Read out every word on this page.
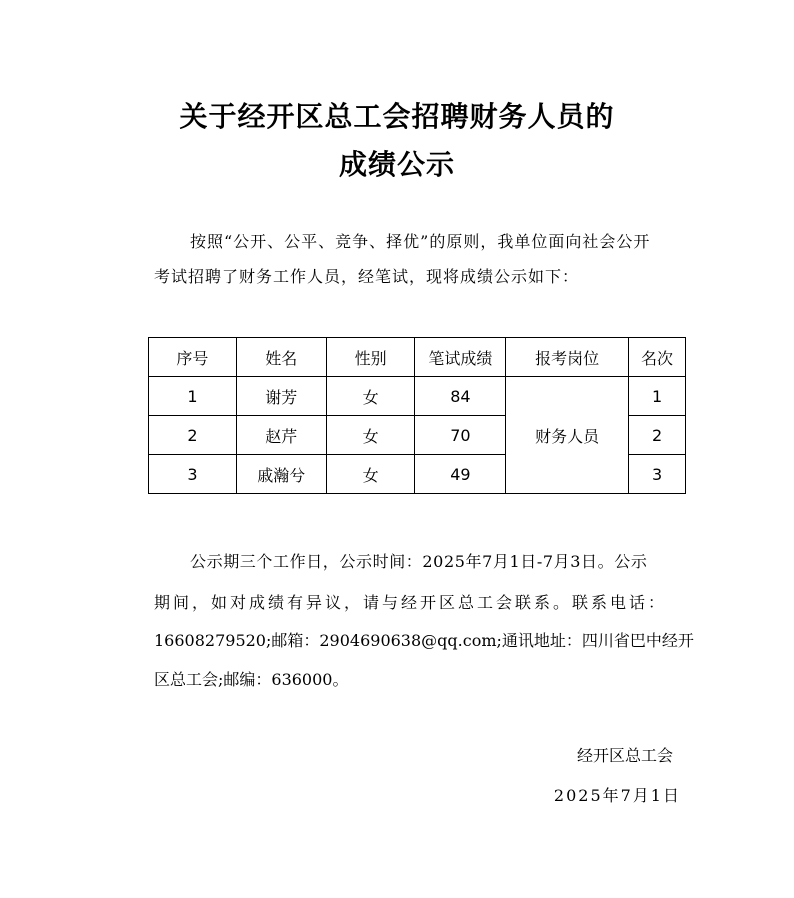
关于经开区总工会招聘财务人员的
成绩公示
按照“公开、公平、竞争、择优”的原则，我单位面向社会公开
考试招聘了财务工作人员，经笔试，现将成绩公示如下：
序号	姓名	性别	笔试成绩	报考岗位	名次
1	谢芳	女	84	财务人员	1
2	赵芹	女	70		2
3	戚瀚兮	女	49		3
公示期三个工作日，公示时间：2025年7月1日-7月3日。公示
期间，如对成绩有异议，请与经开区总工会联系。联系电话：
16608279520;邮箱：2904690638@qq.com;通讯地址：四川省巴中经开
区总工会;邮编：636000。
经开区总工会
2025年7月1日
